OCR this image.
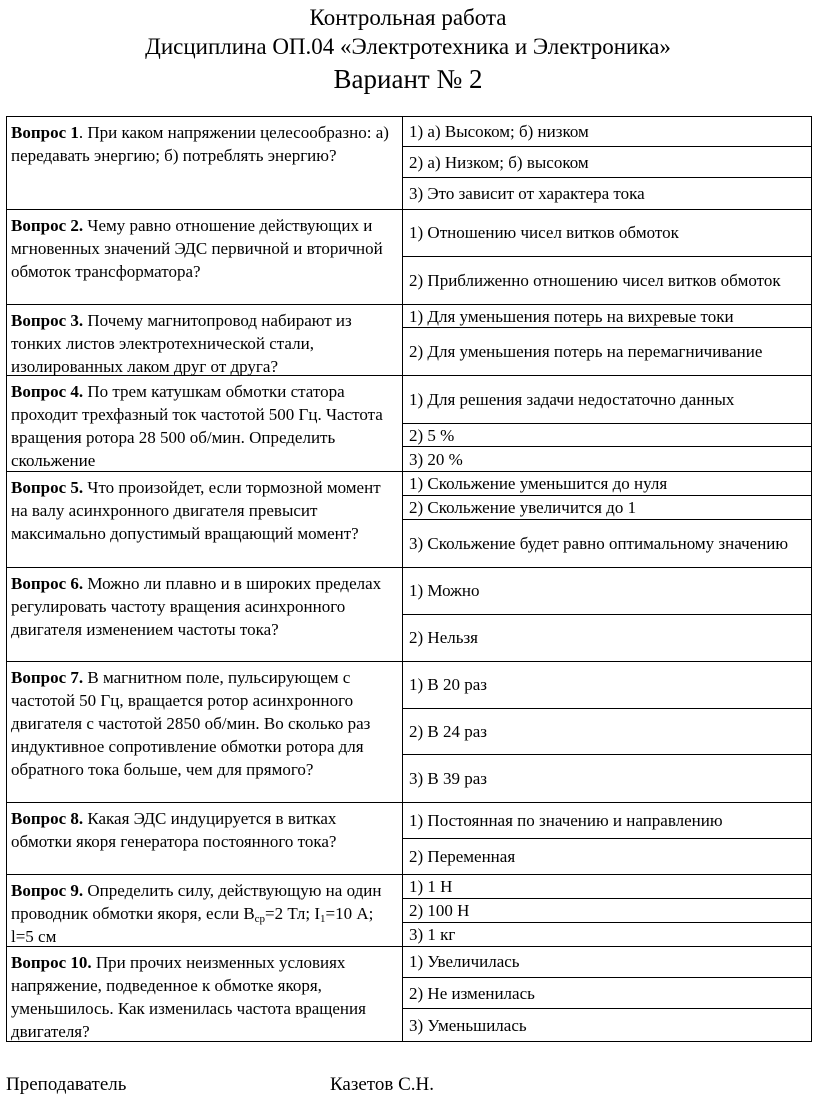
Контрольная работа
Дисциплина ОП.04 «Электротехника и Электроника»
Вариант № 2
Вопрос 1. При каком напряжении целесообразно: а) передавать энергию; б) потреблять энергию?
1) а) Высоком; б) низком
2) а) Низком; б) высоком
3) Это зависит от характера тока
Вопрос 2. Чему равно отношение действующих и мгновенных значений ЭДС первичной и вторичной обмоток трансформатора?
1) Отношению чисел витков обмоток
2) Приближенно отношению чисел витков обмоток
Вопрос 3. Почему магнитопровод набирают из тонких листов электротехнической стали, изолированных лаком друг от друга?
1) Для уменьшения потерь на вихревые токи
2) Для уменьшения потерь на перемагничивание
Вопрос 4. По трем катушкам обмотки статора проходит трехфазный ток частотой 500 Гц. Частота вращения ротора 28 500 об/мин. Определить скольжение
1) Для решения задачи недостаточно данных
2) 5 %
3) 20 %
Вопрос 5. Что произойдет, если тормозной момент на валу асинхронного двигателя превысит максимально допустимый вращающий момент?
1) Скольжение уменьшится до нуля
2) Скольжение увеличится до 1
3) Скольжение будет равно оптимальному значению
Вопрос 6. Можно ли плавно и в широких пределах регулировать частоту вращения асинхронного двигателя изменением частоты тока?
1) Можно
2) Нельзя
Вопрос 7. В магнитном поле, пульсирующем с частотой 50 Гц, вращается ротор асинхронного двигателя с частотой 2850 об/мин. Во сколько раз индуктивное сопротивление обмотки ротора для обратного тока больше, чем для прямого?
1) В 20 раз
2) В 24 раз
3) В 39 раз
Вопрос 8. Какая ЭДС индуцируется в витках обмотки якоря генератора постоянного тока?
1) Постоянная по значению и направлению
2) Переменная
Вопрос 9. Определить силу, действующую на один проводник обмотки якоря, если $B_{ср}=2$ Тл; $I_1=10$ А; l=5 см
1) 1 Н
2) 100 Н
3) 1 кг
Вопрос 10. При прочих неизменных условиях напряжение, подведенное к обмотке якоря, уменьшилось. Как изменилась частота вращения двигателя?
1) Увеличилась
2) Не изменилась
3) Уменьшилась
Преподаватель	Казетов С.Н.
